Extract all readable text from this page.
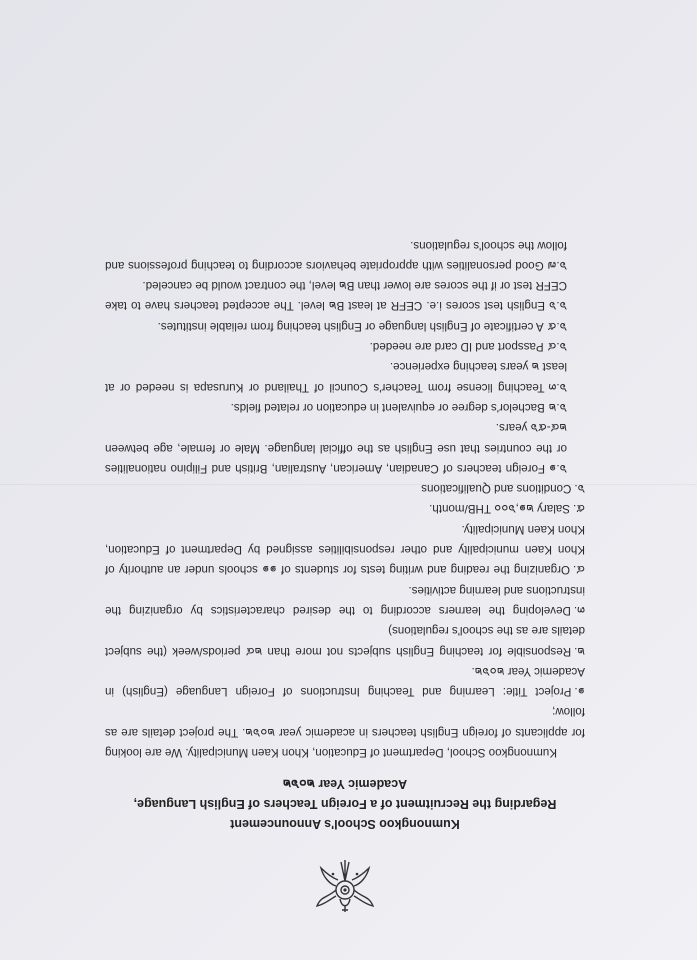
Kumnongkoo School's Announcement
Regarding the Recruitment of a Foreign Teachers of English Language,
Academic Year ๒๐๖๒
Kumnongkoo School, Department of Education, Khon Kaen Municipality. We are looking for applicants of foreign English teachers in academic year ๒๐๖๒. The project details are as follow;
๑.Project Title: Learning and Teaching Instructions of Foreign Language (English) in Academic Year ๒๐๖๒.
๒.Responsible for teaching English subjects not more than ๒๔ periods/week (the subject details are as the school's regulations)
๓.Developing the learners according to the desired characteristics by organizing the instructions and learning activities.
๔.Organizing the reading and writing tests for students of ๑๑ schools under an authority of Khon Kaen municipality and other responsibilities assigned by Department of Education, Khon Kaen Municipality.
๕.Salary ๒๑,๖๐๐ THB/month.
๖.Conditions and Qualifications
๖.๑Foreign teachers of Canadian, American, Australian, British and Filipino nationalities or the countries that use English as the official language. Male or female, age between ๒๔-๕๖ years.
๖.๒Bachelor's degree or equivalent in education or related fields.
๖.๓Teaching license from Teacher's Council of Thailand or Kurusapa is needed or at least ๒ years teaching experience.
๖.๔Passport and ID card are needed.
๖.๕A certificate of English language or English teaching from reliable institutes.
๖.๖English test scores i.e. CEFR at least B๒ level. The accepted teachers have to take CEFR test or if the scores are lower than B๒ level, the contract would be canceled.
๖.๗Good personalities with appropriate behaviors according to teaching professions and follow the school's regulations.
